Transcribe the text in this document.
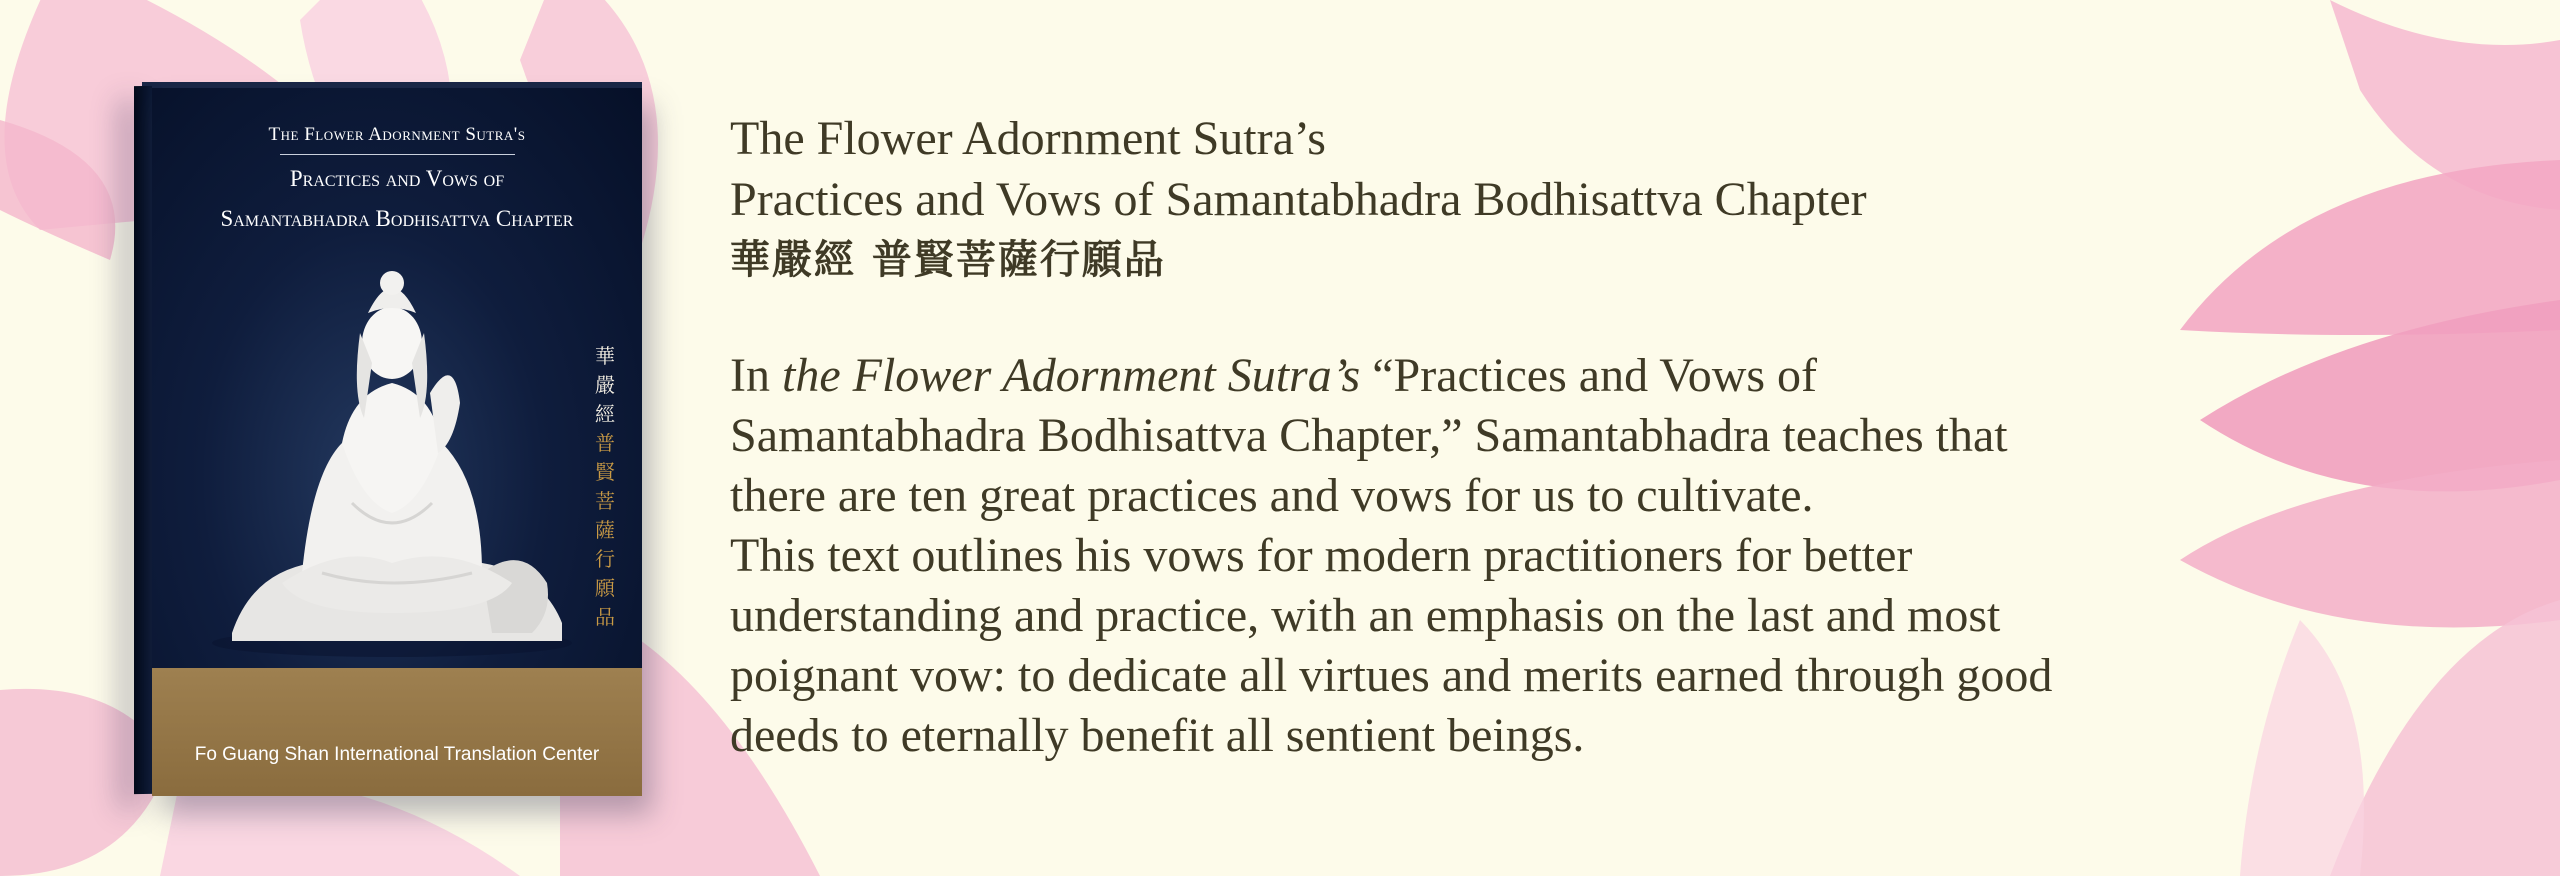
The Flower Adornment Sutra's
Practices and Vows of
Samantabhadra Bodhisattva Chapter
華
嚴
經
普
賢
菩
薩
行
願
品
Fo Guang Shan International Translation Center
The Flower Adornment Sutra’s
Practices and Vows of Samantabhadra Bodhisattva Chapter
華嚴經 普賢菩薩行願品

In the Flower Adornment Sutra’s “Practices and Vows of
Samantabhadra Bodhisattva Chapter,” Samantabhadra teaches that
there are ten great practices and vows for us to cultivate.
This text outlines his vows for modern practitioners for better
understanding and practice, with an emphasis on the last and most
poignant vow: to dedicate all virtues and merits earned through good
deeds to eternally benefit all sentient beings.
